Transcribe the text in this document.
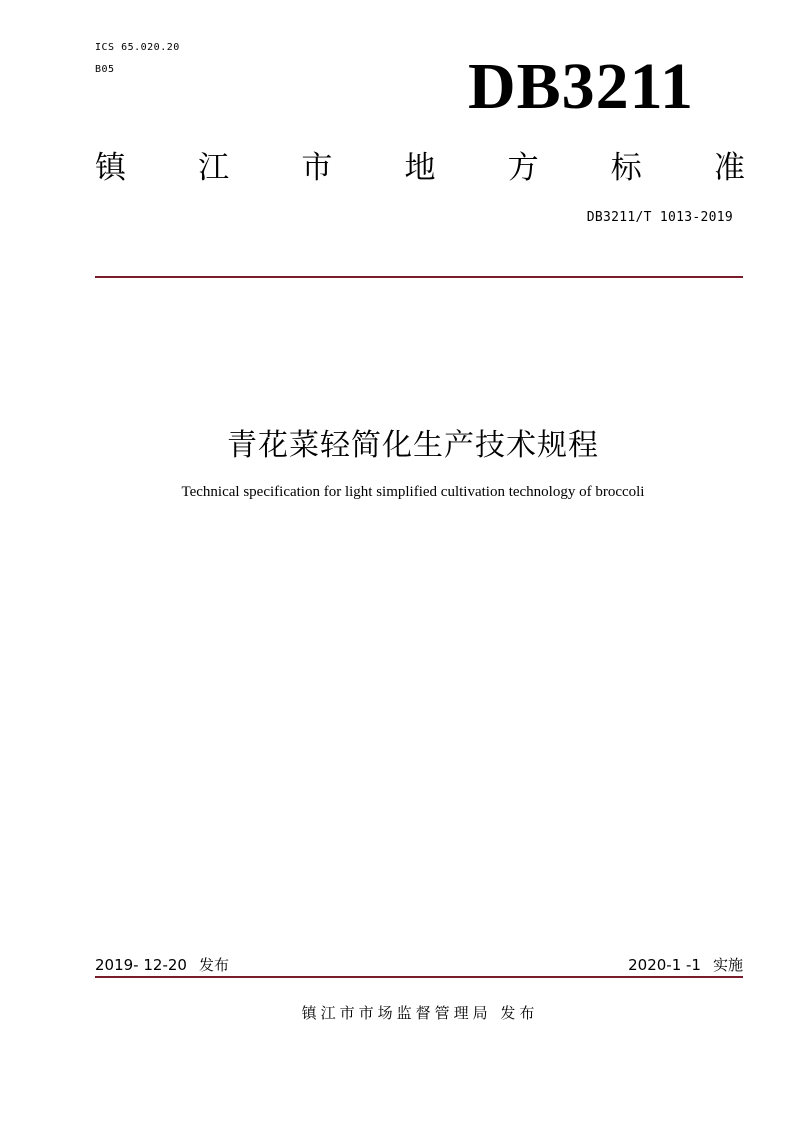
ICS 65.020.20
B05	DB3211
镇 江 市 地 方 标 准
DB3211/T 1013-2019
青花菜轻简化生产技术规程
Technical specification for light simplified cultivation technology of broccoli
2019- 12-20 发布	2020-1 -1 实施
镇江市市场监督管理局 发布
